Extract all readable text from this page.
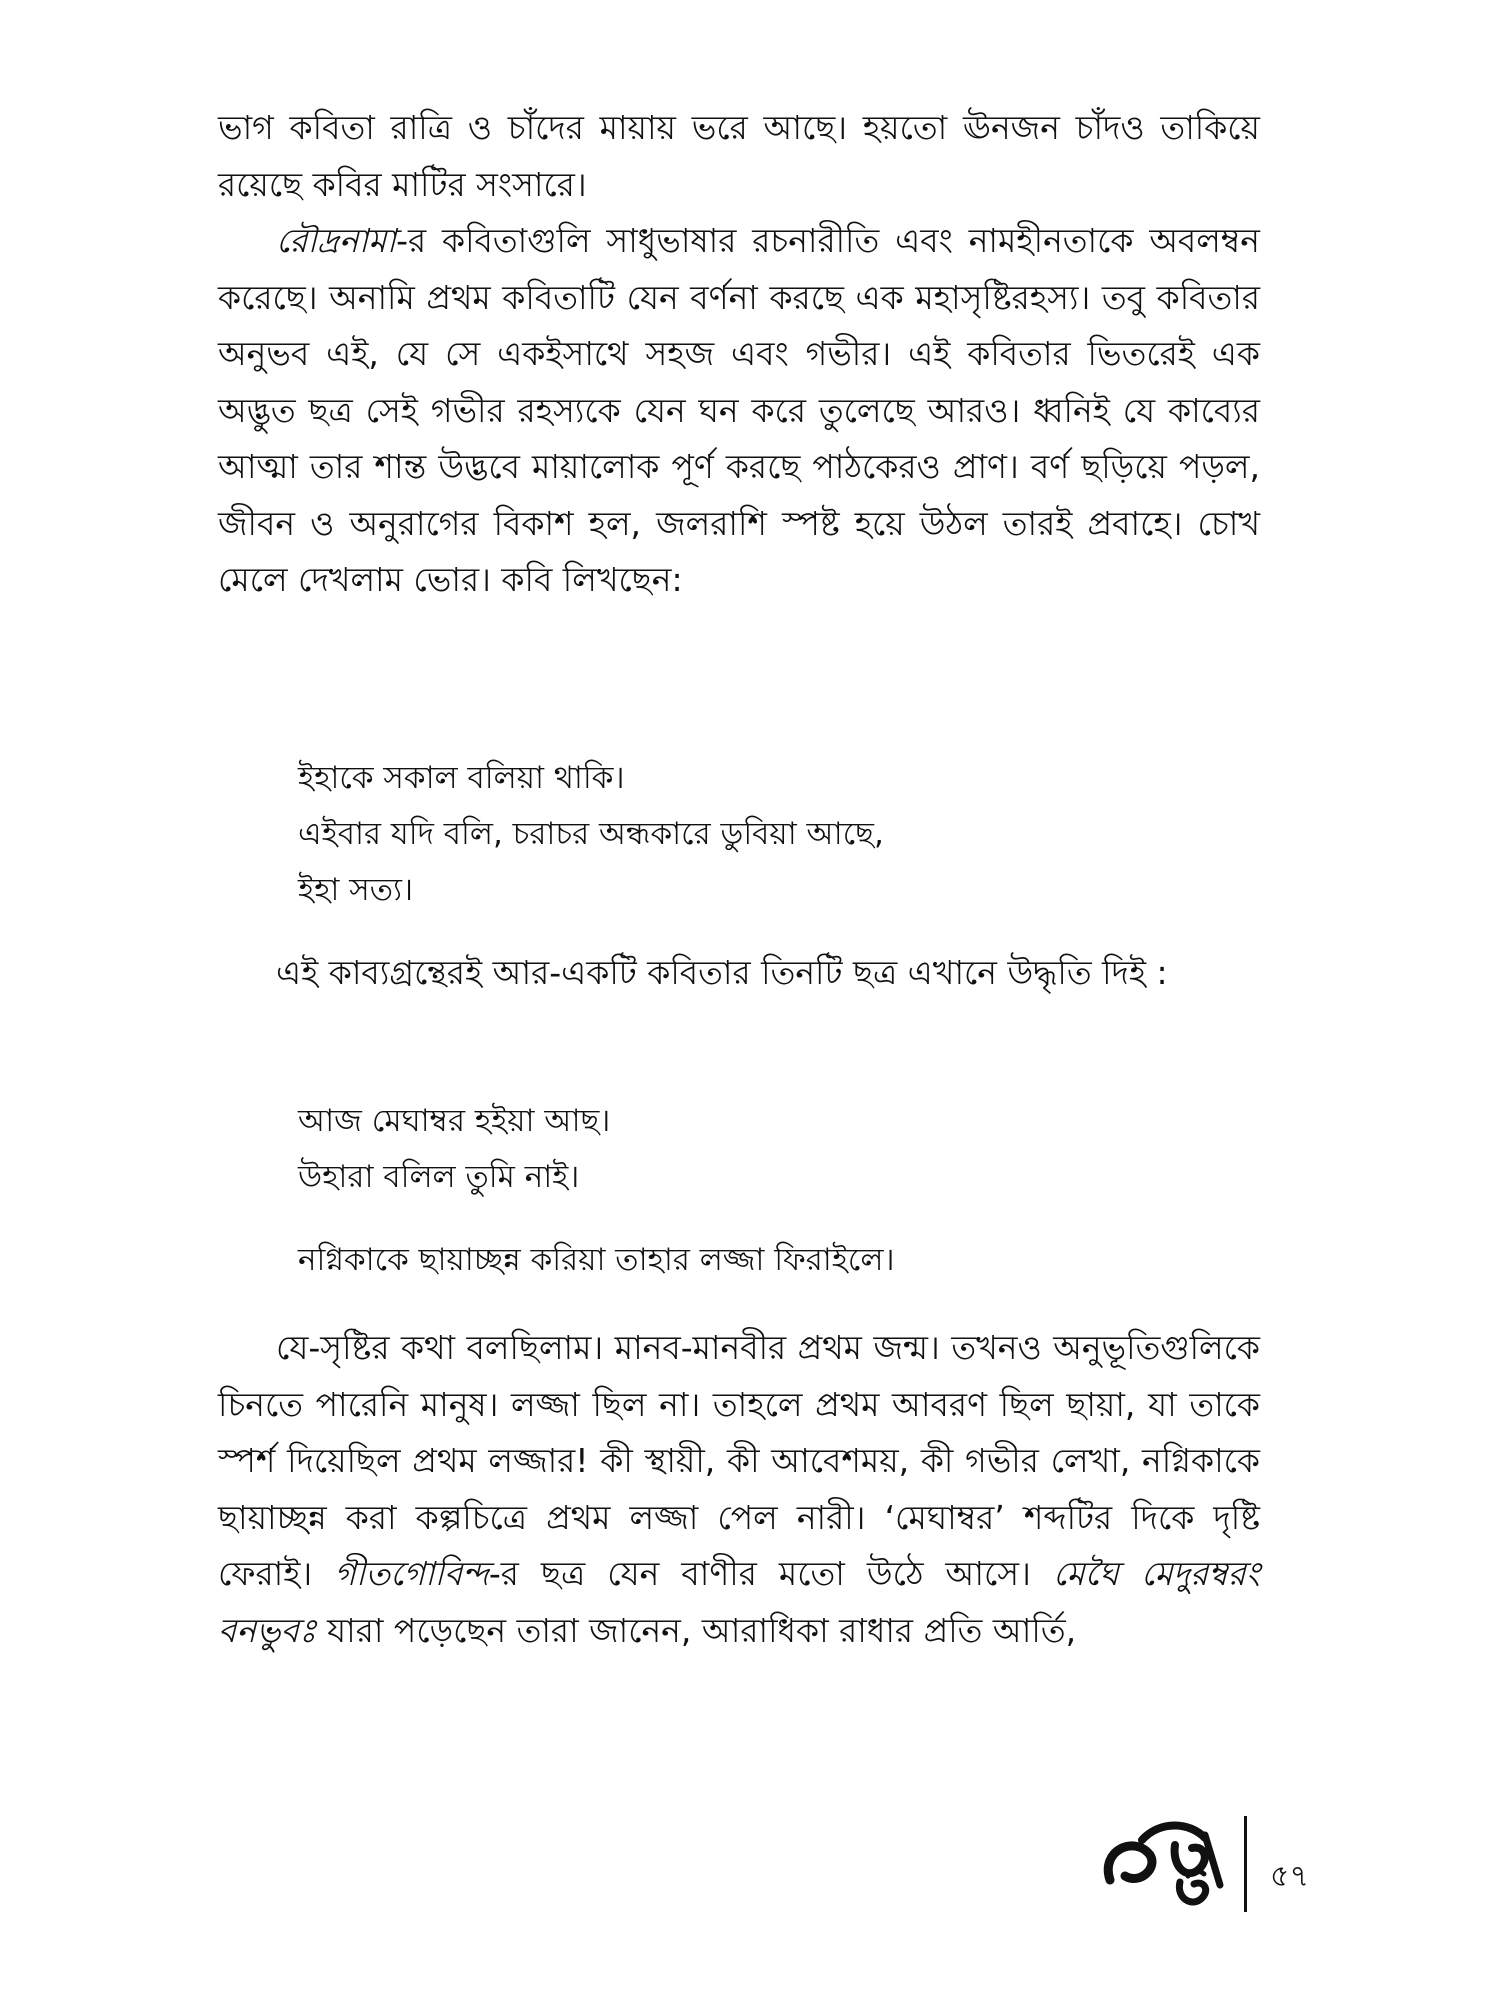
ভাগ কবিতা রাত্রি ও চাঁদের মায়ায় ভরে আছে। হয়তো ঊনজন চাঁদও তাকিয়ে রয়েছে কবির মাটির সংসারে।

রৌদ্রনামা-র কবিতাগুলি সাধুভাষার রচনারীতি এবং নামহীনতাকে অবলম্বন করেছে। অনামি প্রথম কবিতাটি যেন বর্ণনা করছে এক মহাসৃষ্টিরহস্য। তবু কবিতার অনুভব এই, যে সে একইসাথে সহজ এবং গভীর। এই কবিতার ভিতরেই এক অদ্ভুত ছত্র সেই গভীর রহস্যকে যেন ঘন করে তুলেছে আরও। ধ্বনিই যে কাব্যের আত্মা তার শান্ত উদ্ভবে মায়ালোক পূর্ণ করছে পাঠকেরও প্রাণ। বর্ণ ছড়িয়ে পড়ল, জীবন ও অনুরাগের বিকাশ হল, জলরাশি স্পষ্ট হয়ে উঠল তারই প্রবাহে। চোখ মেলে দেখলাম ভোর। কবি লিখছেন:

ইহাকে সকাল বলিয়া থাকি।
এইবার যদি বলি, চরাচর অন্ধকারে ডুবিয়া আছে,
ইহা সত্য।

এই কাব্যগ্রন্থেরই আর-একটি কবিতার তিনটি ছত্র এখানে উদ্ধৃতি দিই :

আজ মেঘাম্বর হইয়া আছ।
উহারা বলিল তুমি নাই।
নগ্নিকাকে ছায়াচ্ছন্ন করিয়া তাহার লজ্জা ফিরাইলে।

যে-সৃষ্টির কথা বলছিলাম। মানব-মানবীর প্রথম জন্ম। তখনও অনুভূতিগুলিকে চিনতে পারেনি মানুষ। লজ্জা ছিল না। তাহলে প্রথম আবরণ ছিল ছায়া, যা তাকে স্পর্শ দিয়েছিল প্রথম লজ্জার! কী স্থায়ী, কী আবেশময়, কী গভীর লেখা, নগ্নিকাকে ছায়াচ্ছন্ন করা কল্পচিত্রে প্রথম লজ্জা পেল নারী। ‘মেঘাম্বর’ শব্দটির দিকে দৃষ্টি ফেরাই। গীতগোবিন্দ-র ছত্র যেন বাণীর মতো উঠে আসে। মেঘৈ মেদুরম্বরং বনভুবঃ যারা পড়েছেন তারা জানেন, আরাধিকা রাধার প্রতি আর্তি,

৫৭
